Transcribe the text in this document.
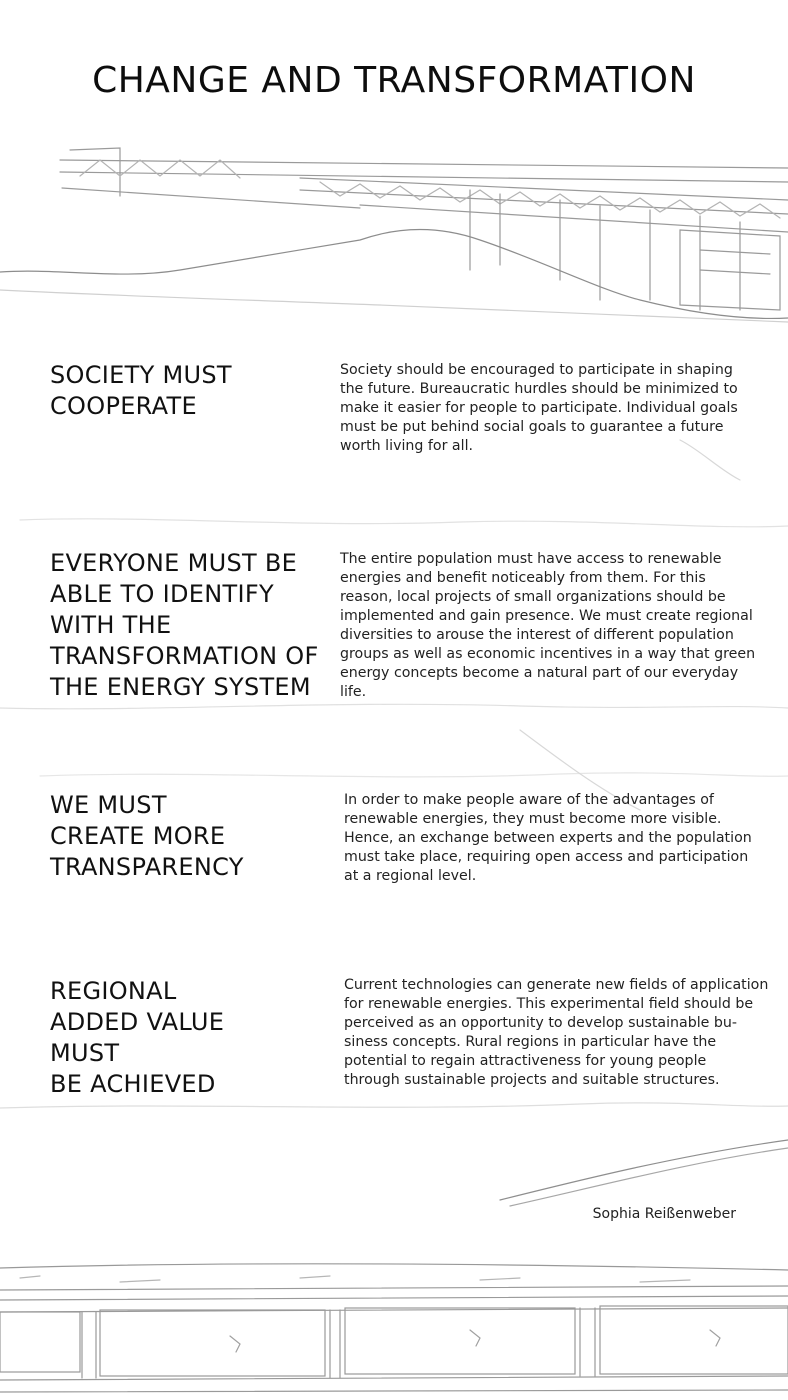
CHANGE AND TRANSFORMATION
SOCIETY MUST
COOPERATE

Society should be encouraged to participate in shaping
the future. Bureaucratic hurdles should be minimized to
make it easier for people to participate. Individual goals
must be put behind social goals to guarantee a future
worth living for all.

EVERYONE MUST BE
ABLE TO IDENTIFY
WITH THE
TRANSFORMATION OF
THE ENERGY SYSTEM

The entire population must have access to renewable
energies and benefit noticeably from them. For this
reason, local projects of small organizations should be
implemented and gain presence. We must create regional
diversities to arouse the interest of different population
groups as well as economic incentives in a way that green
energy concepts become a natural part of our everyday
life.

WE MUST
CREATE MORE
TRANSPARENCY

In order to make people aware of the advantages of
renewable energies, they must become more visible.
Hence, an exchange between experts and the population
must take place, requiring open access and participation
at a regional level.

REGIONAL
ADDED VALUE
MUST
BE ACHIEVED

Current technologies can generate new fields of application
for renewable energies. This experimental field should be
perceived as an opportunity to develop sustainable bu-
siness concepts. Rural regions in particular have the
potential to regain attractiveness for young people
through sustainable projects and suitable structures.

Sophia Reißenweber
